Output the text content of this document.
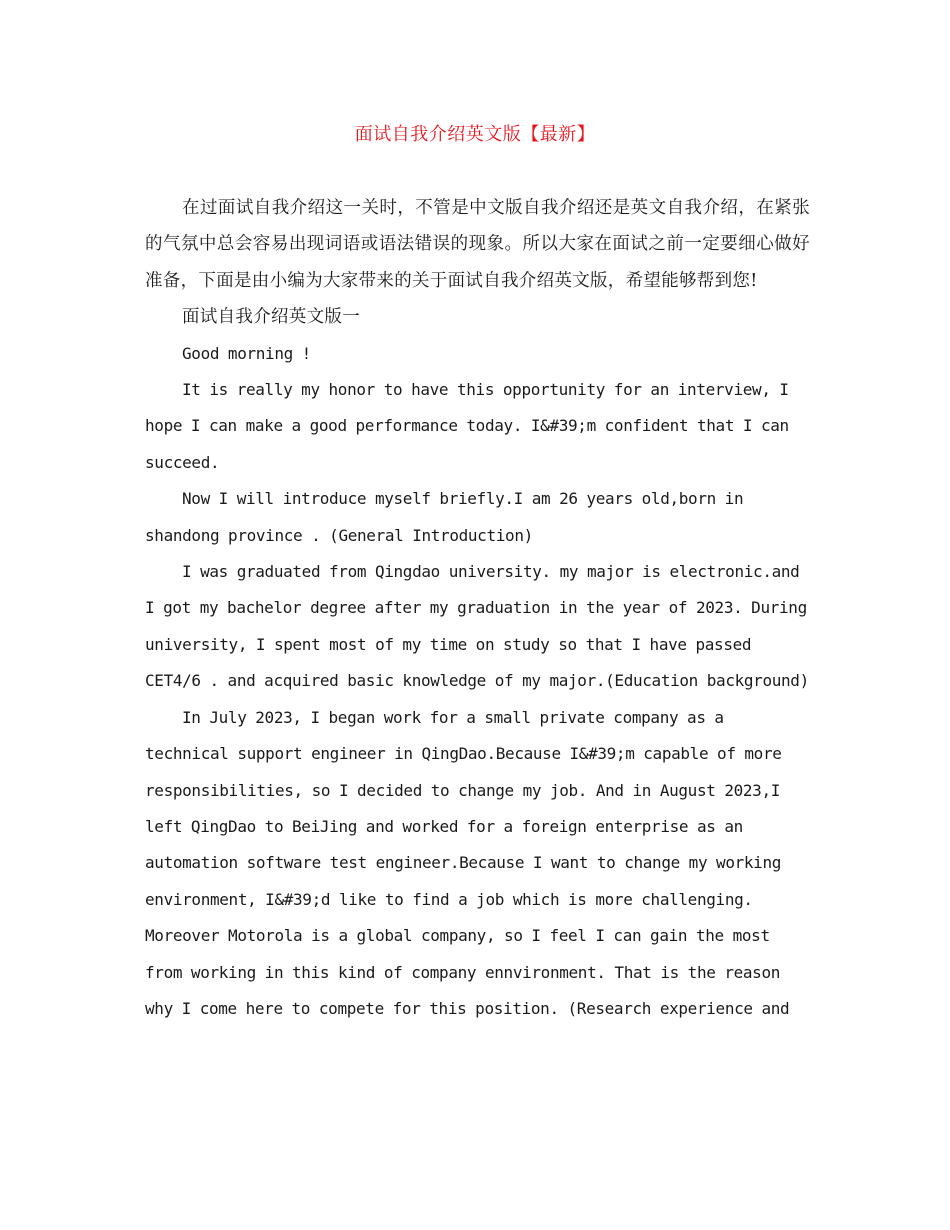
面试自我介绍英文版【最新】

在过面试自我介绍这一关时，不管是中文版自我介绍还是英文自我介绍，在紧张的气氛中总会容易出现词语或语法错误的现象。所以大家在面试之前一定要细心做好准备，下面是由小编为大家带来的关于面试自我介绍英文版，希望能够帮到您!

面试自我介绍英文版一

Good morning !

It is really my honor to have this opportunity for an interview, I hope I can make a good performance today. I&#39;m confident that I can succeed.

Now I will introduce myself briefly.I am 26 years old,born in shandong province . (General Introduction)

I was graduated from Qingdao university. my major is electronic.and I got my bachelor degree after my graduation in the year of 2023. During university, I spent most of my time on study so that I have passed CET4/6 . and acquired basic knowledge of my major.(Education background)

In July 2023, I began work for a small private company as a technical support engineer in QingDao.Because I&#39;m capable of more responsibilities, so I decided to change my job. And in August 2023,I left QingDao to BeiJing and worked for a foreign enterprise as an automation software test engineer.Because I want to change my working environment, I&#39;d like to find a job which is more challenging. Moreover Motorola is a global company, so I feel I can gain the most from working in this kind of company ennvironment. That is the reason why I come here to compete for this position. (Research experience and
